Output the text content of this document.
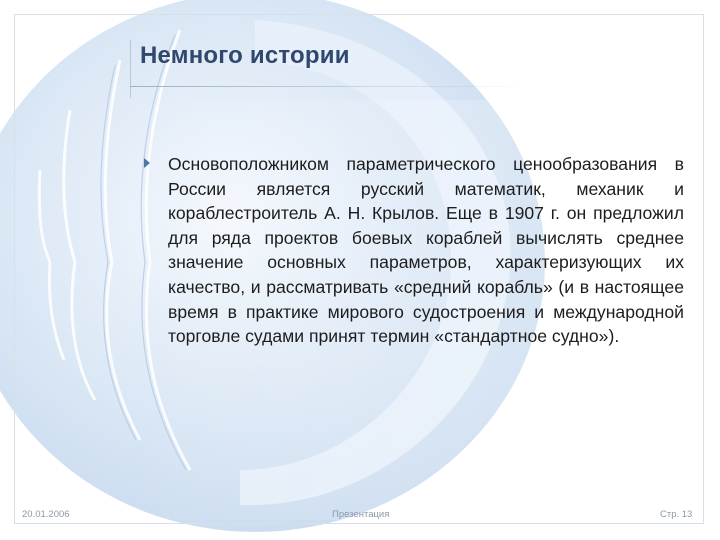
Немного истории
Основоположником параметрического ценообразования в России является русский математик, механик и кораблестроитель А. Н. Крылов. Еще в 1907 г. он предложил для ряда проектов боевых кораблей вычислять среднее значение основных параметров, характеризующих их качество, и рассматривать «средний корабль» (и в настоящее время в практике мирового судостроения и международной торговле судами принят термин «стандартное судно»).
20.01.2006	Презентация	Стр. 13
